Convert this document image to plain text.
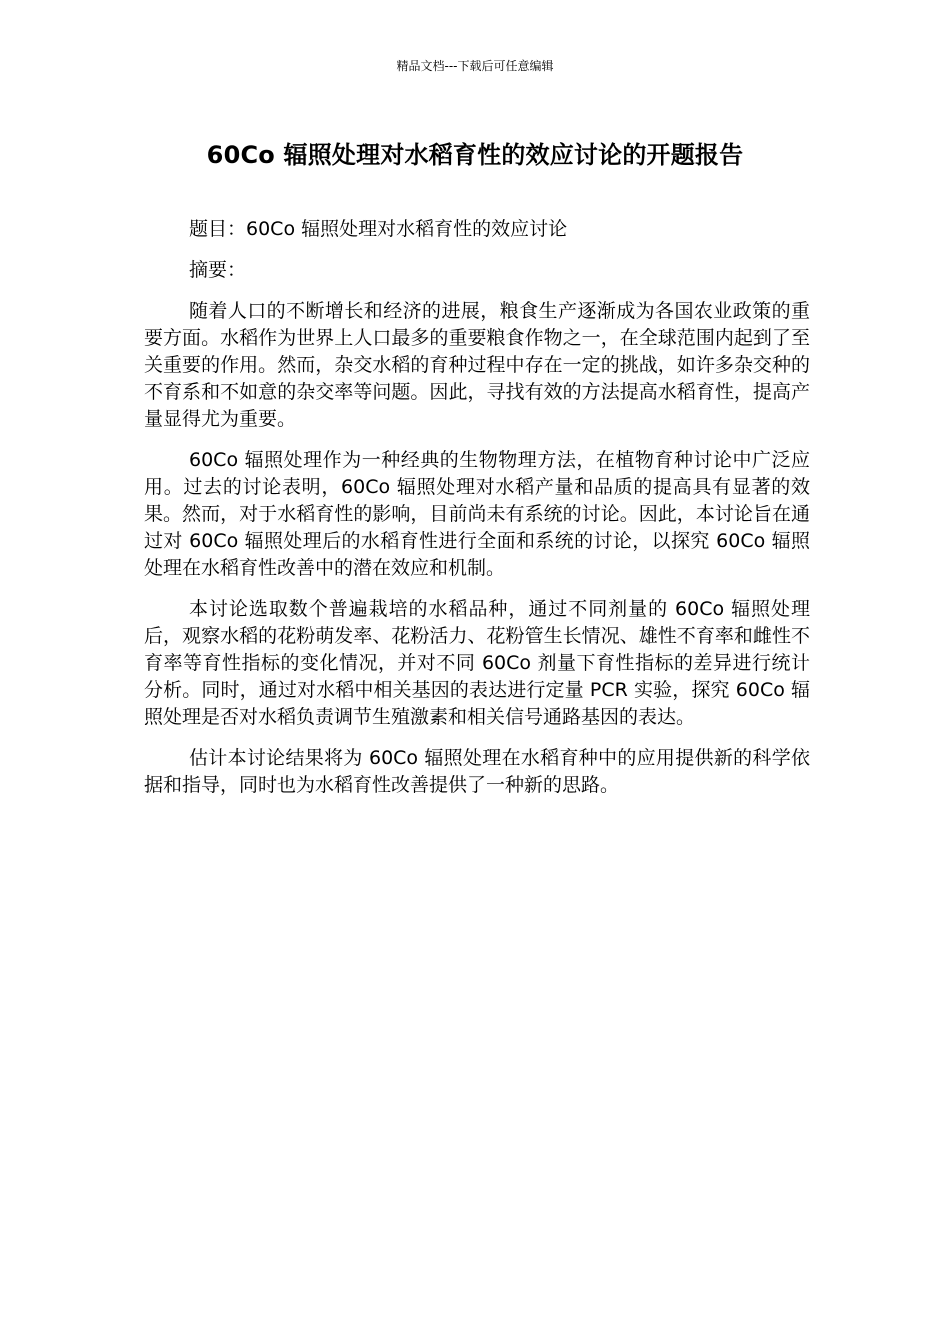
精品文档---下载后可任意编辑
60Co 辐照处理对水稻育性的效应讨论的开题报告

题目：60Co 辐照处理对水稻育性的效应讨论

摘要：

随着人口的不断增长和经济的进展，粮食生产逐渐成为各国农业政策的重要方面。水稻作为世界上人口最多的重要粮食作物之一，在全球范围内起到了至关重要的作用。然而，杂交水稻的育种过程中存在一定的挑战，如许多杂交种的不育系和不如意的杂交率等问题。因此，寻找有效的方法提高水稻育性，提高产量显得尤为重要。

60Co 辐照处理作为一种经典的生物物理方法，在植物育种讨论中广泛应用。过去的讨论表明，60Co 辐照处理对水稻产量和品质的提高具有显著的效果。然而，对于水稻育性的影响，目前尚未有系统的讨论。因此，本讨论旨在通过对 60Co 辐照处理后的水稻育性进行全面和系统的讨论，以探究 60Co 辐照处理在水稻育性改善中的潜在效应和机制。

本讨论选取数个普遍栽培的水稻品种，通过不同剂量的 60Co 辐照处理后，观察水稻的花粉萌发率、花粉活力、花粉管生长情况、雄性不育率和雌性不育率等育性指标的变化情况，并对不同 60Co 剂量下育性指标的差异进行统计分析。同时，通过对水稻中相关基因的表达进行定量 PCR 实验，探究 60Co 辐照处理是否对水稻负责调节生殖激素和相关信号通路基因的表达。

估计本讨论结果将为 60Co 辐照处理在水稻育种中的应用提供新的科学依据和指导，同时也为水稻育性改善提供了一种新的思路。
